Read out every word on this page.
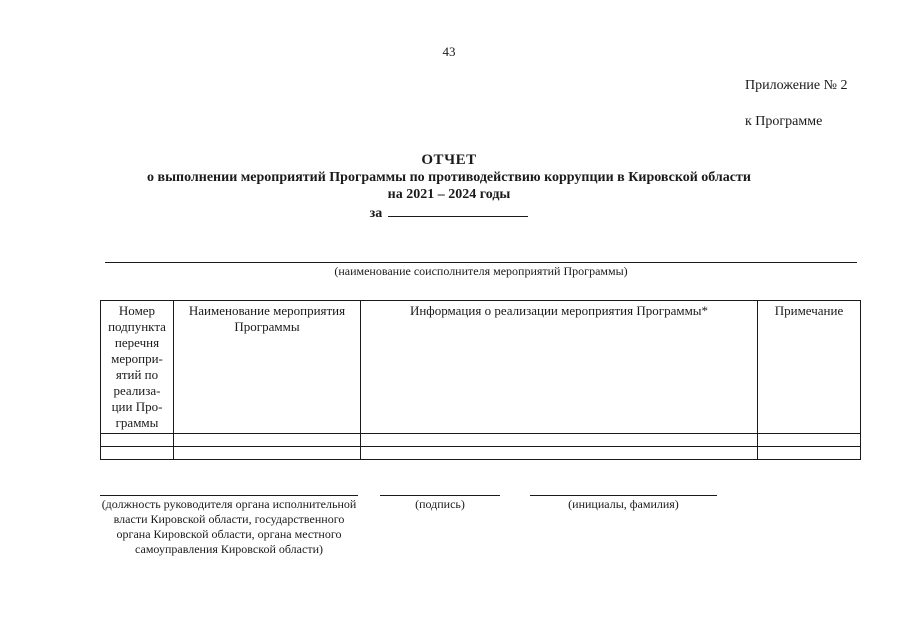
43
Приложение № 2
к Программе
ОТЧЕТ
о выполнении мероприятий Программы по противодействию коррупции в Кировской области
на 2021 – 2024 годы
за
(наименование соисполнителя мероприятий Программы)
Номер подпункта перечня меропри-ятий по реализа-ции Про-граммы	Наименование мероприятия Программы	Информация о реализации мероприятия Программы*	Примечание

(должность руководителя органа исполнительной власти Кировской области, государственного органа Кировской области, органа местного самоуправления Кировской области)
(подпись)	(инициалы, фамилия)
